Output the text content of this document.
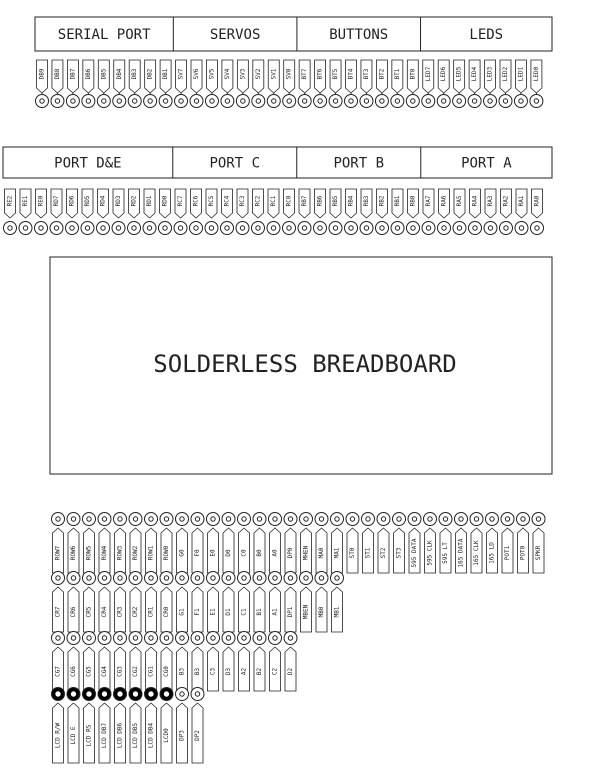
SERIAL PORT	SERVOS	BUTTONS	LEDS
DB9 DB8 DB7 DB6 DB5 DB4 DB3 DB2 DB1 SV7 SV6 SV5 SV4 SV3 SV2 SV1 SV0 BT7 BT6 BT5 BT4 BT3 BT2 BT1 BT0 LED7 LED6 LED5 LED4 LED3 LED2 LED1 LED0
PORT D&E	PORT C	PORT B	PORT A
RE2 RE1 RE0 RD7 RD6 RD5 RD4 RD3 RD2 RD1 RD0 RC7 RC6 RC5 RC4 RC3 RC2 RC1 RC0 RB7 RB6 RB5 RB4 RB3 RB2 RB1 RB0 RA7 RA6 RA5 RA4 RA3 RA2 RA1 RA0
SOLDERLESS BREADBOARD
ROW7 ROW6 ROW5 ROW4 ROW3 ROW2 ROW1 ROW0 G0 F0 E0 D0 C0 B0 A0 DP0 MHEN MA0 MA1 ST0 ST1 ST2 ST3 595 DATA 595 CLK 595 LT 165 DATA 165 CLK 165 LD POT1 POT0 SPKR
CR7 CR6 CR5 CR4 CR3 CR2 CR1 CR0 G1 F1 E1 D1 C1 B1 A1 DP1 MBEN MB0 MB1
CG7 CG6 CG5 CG4 CG3 CG2 CG1 CG0 B3 B3 C3 D3 A2 B2 C2 D2
LCD R/W LCD E LCD RS LCD DB7 LCD DB6 LCD DB5 LCD DB4 LCD0 DP3 DP2
